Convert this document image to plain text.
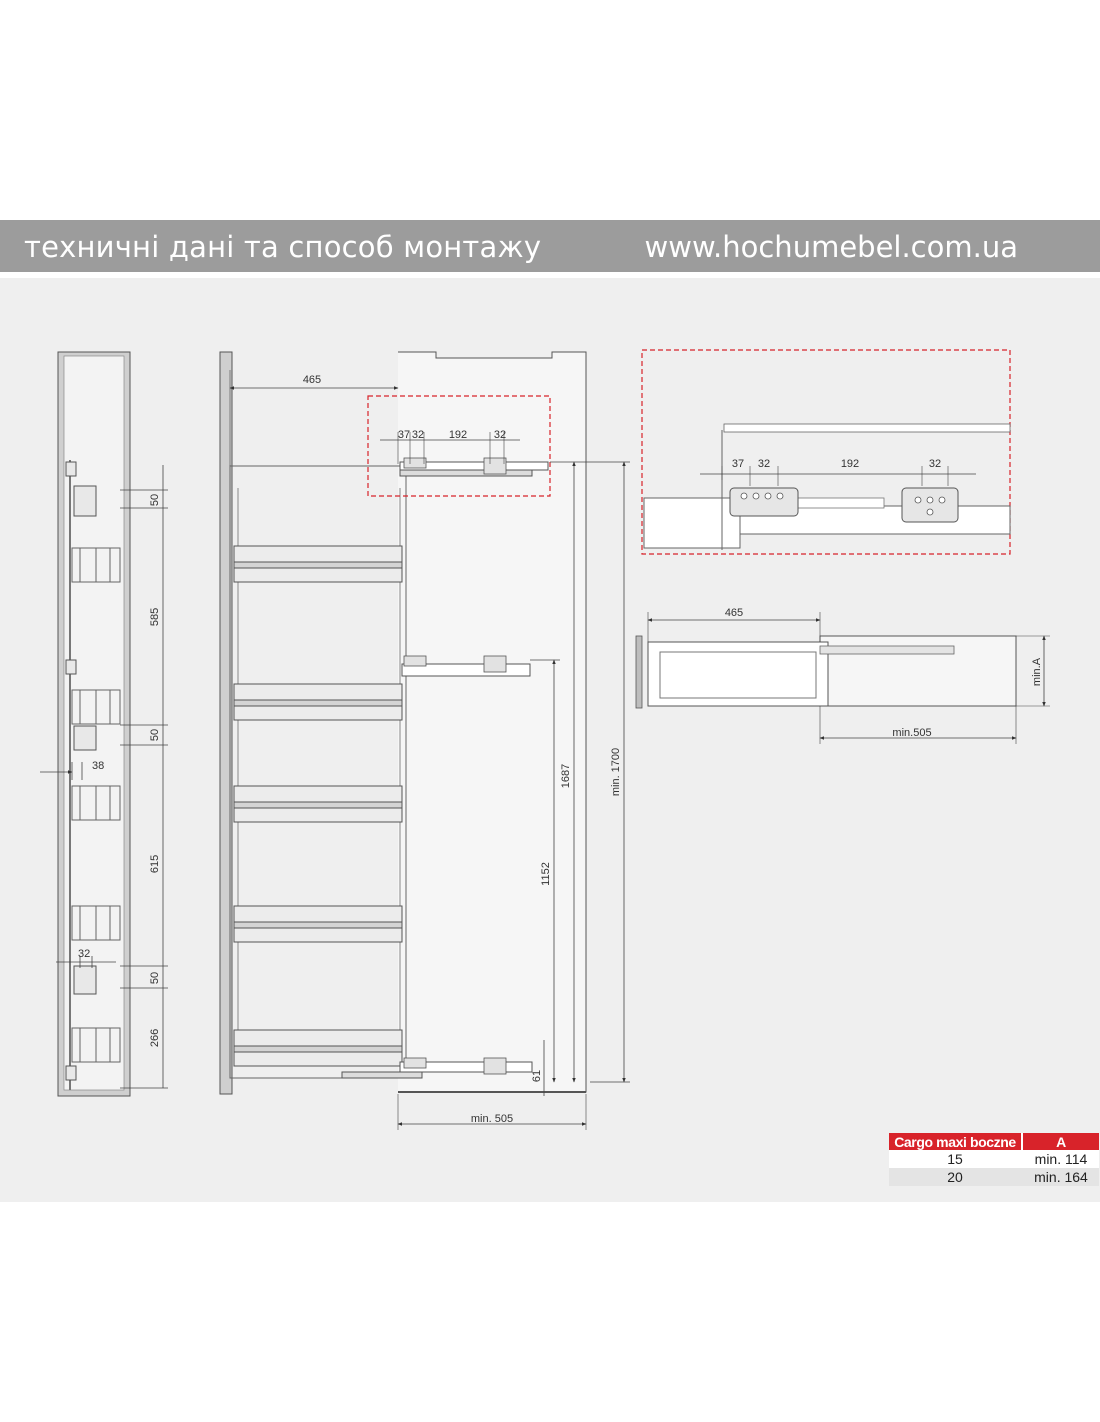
техничні дані та способ монтажу	www.hochumebel.com.ua
50
585
50
615
50
266
38
32
465
37 32 192 32
1152
1687	min. 1700
61
min. 505
37 32	192	32
465
min.505
min.A
Cargo maxi boczne	A
15	min. 114
20	min. 164
